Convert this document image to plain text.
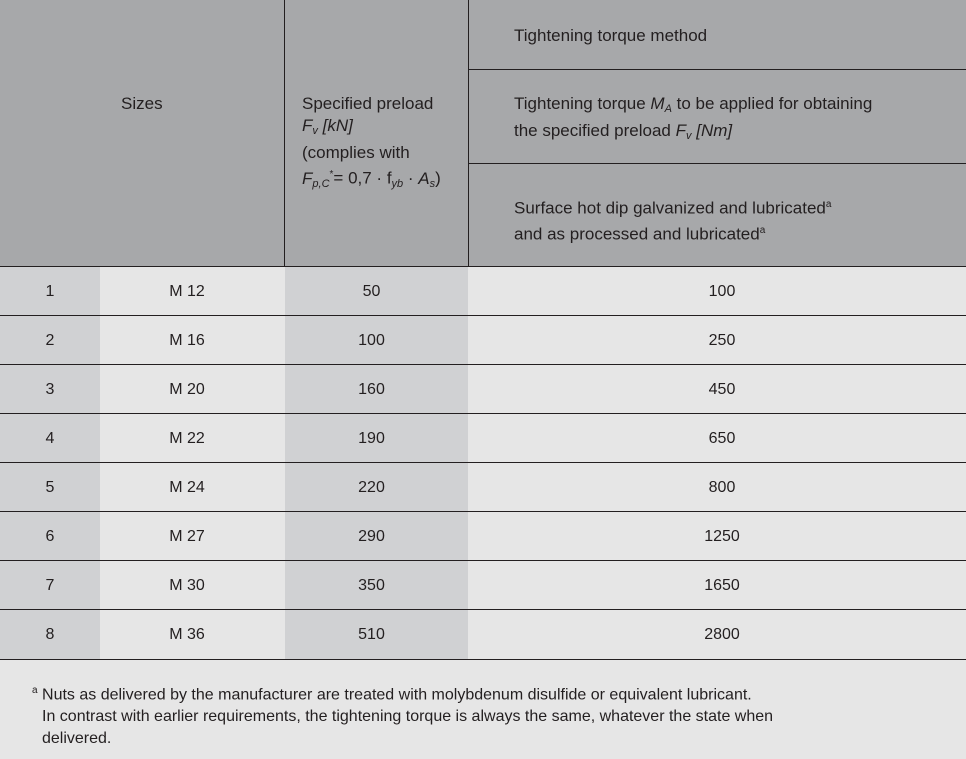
Sizes	Specified preload
$F_v$ [kN]
(complies with
$F_{p,C}^*= 0,7 \cdot f_{yb} \cdot A_s$)
Tightening torque method
Tightening torque $M_A$ to be applied for obtaining
the specified preload $F_v$ [Nm]
Surface hot dip galvanized and lubricated$^a$
and as processed and lubricated$^a$
1	M 12	50	100
2	M 16	100	250
3	M 20	160	450
4	M 22	190	650
5	M 24	220	800
6	M 27	290	1250
7	M 30	350	1650
8	M 36	510	2800
$^a$ Nuts as delivered by the manufacturer are treated with molybdenum disulfide or equivalent lubricant.
In contrast with earlier requirements, the tightening torque is always the same, whatever the state when
delivered.
